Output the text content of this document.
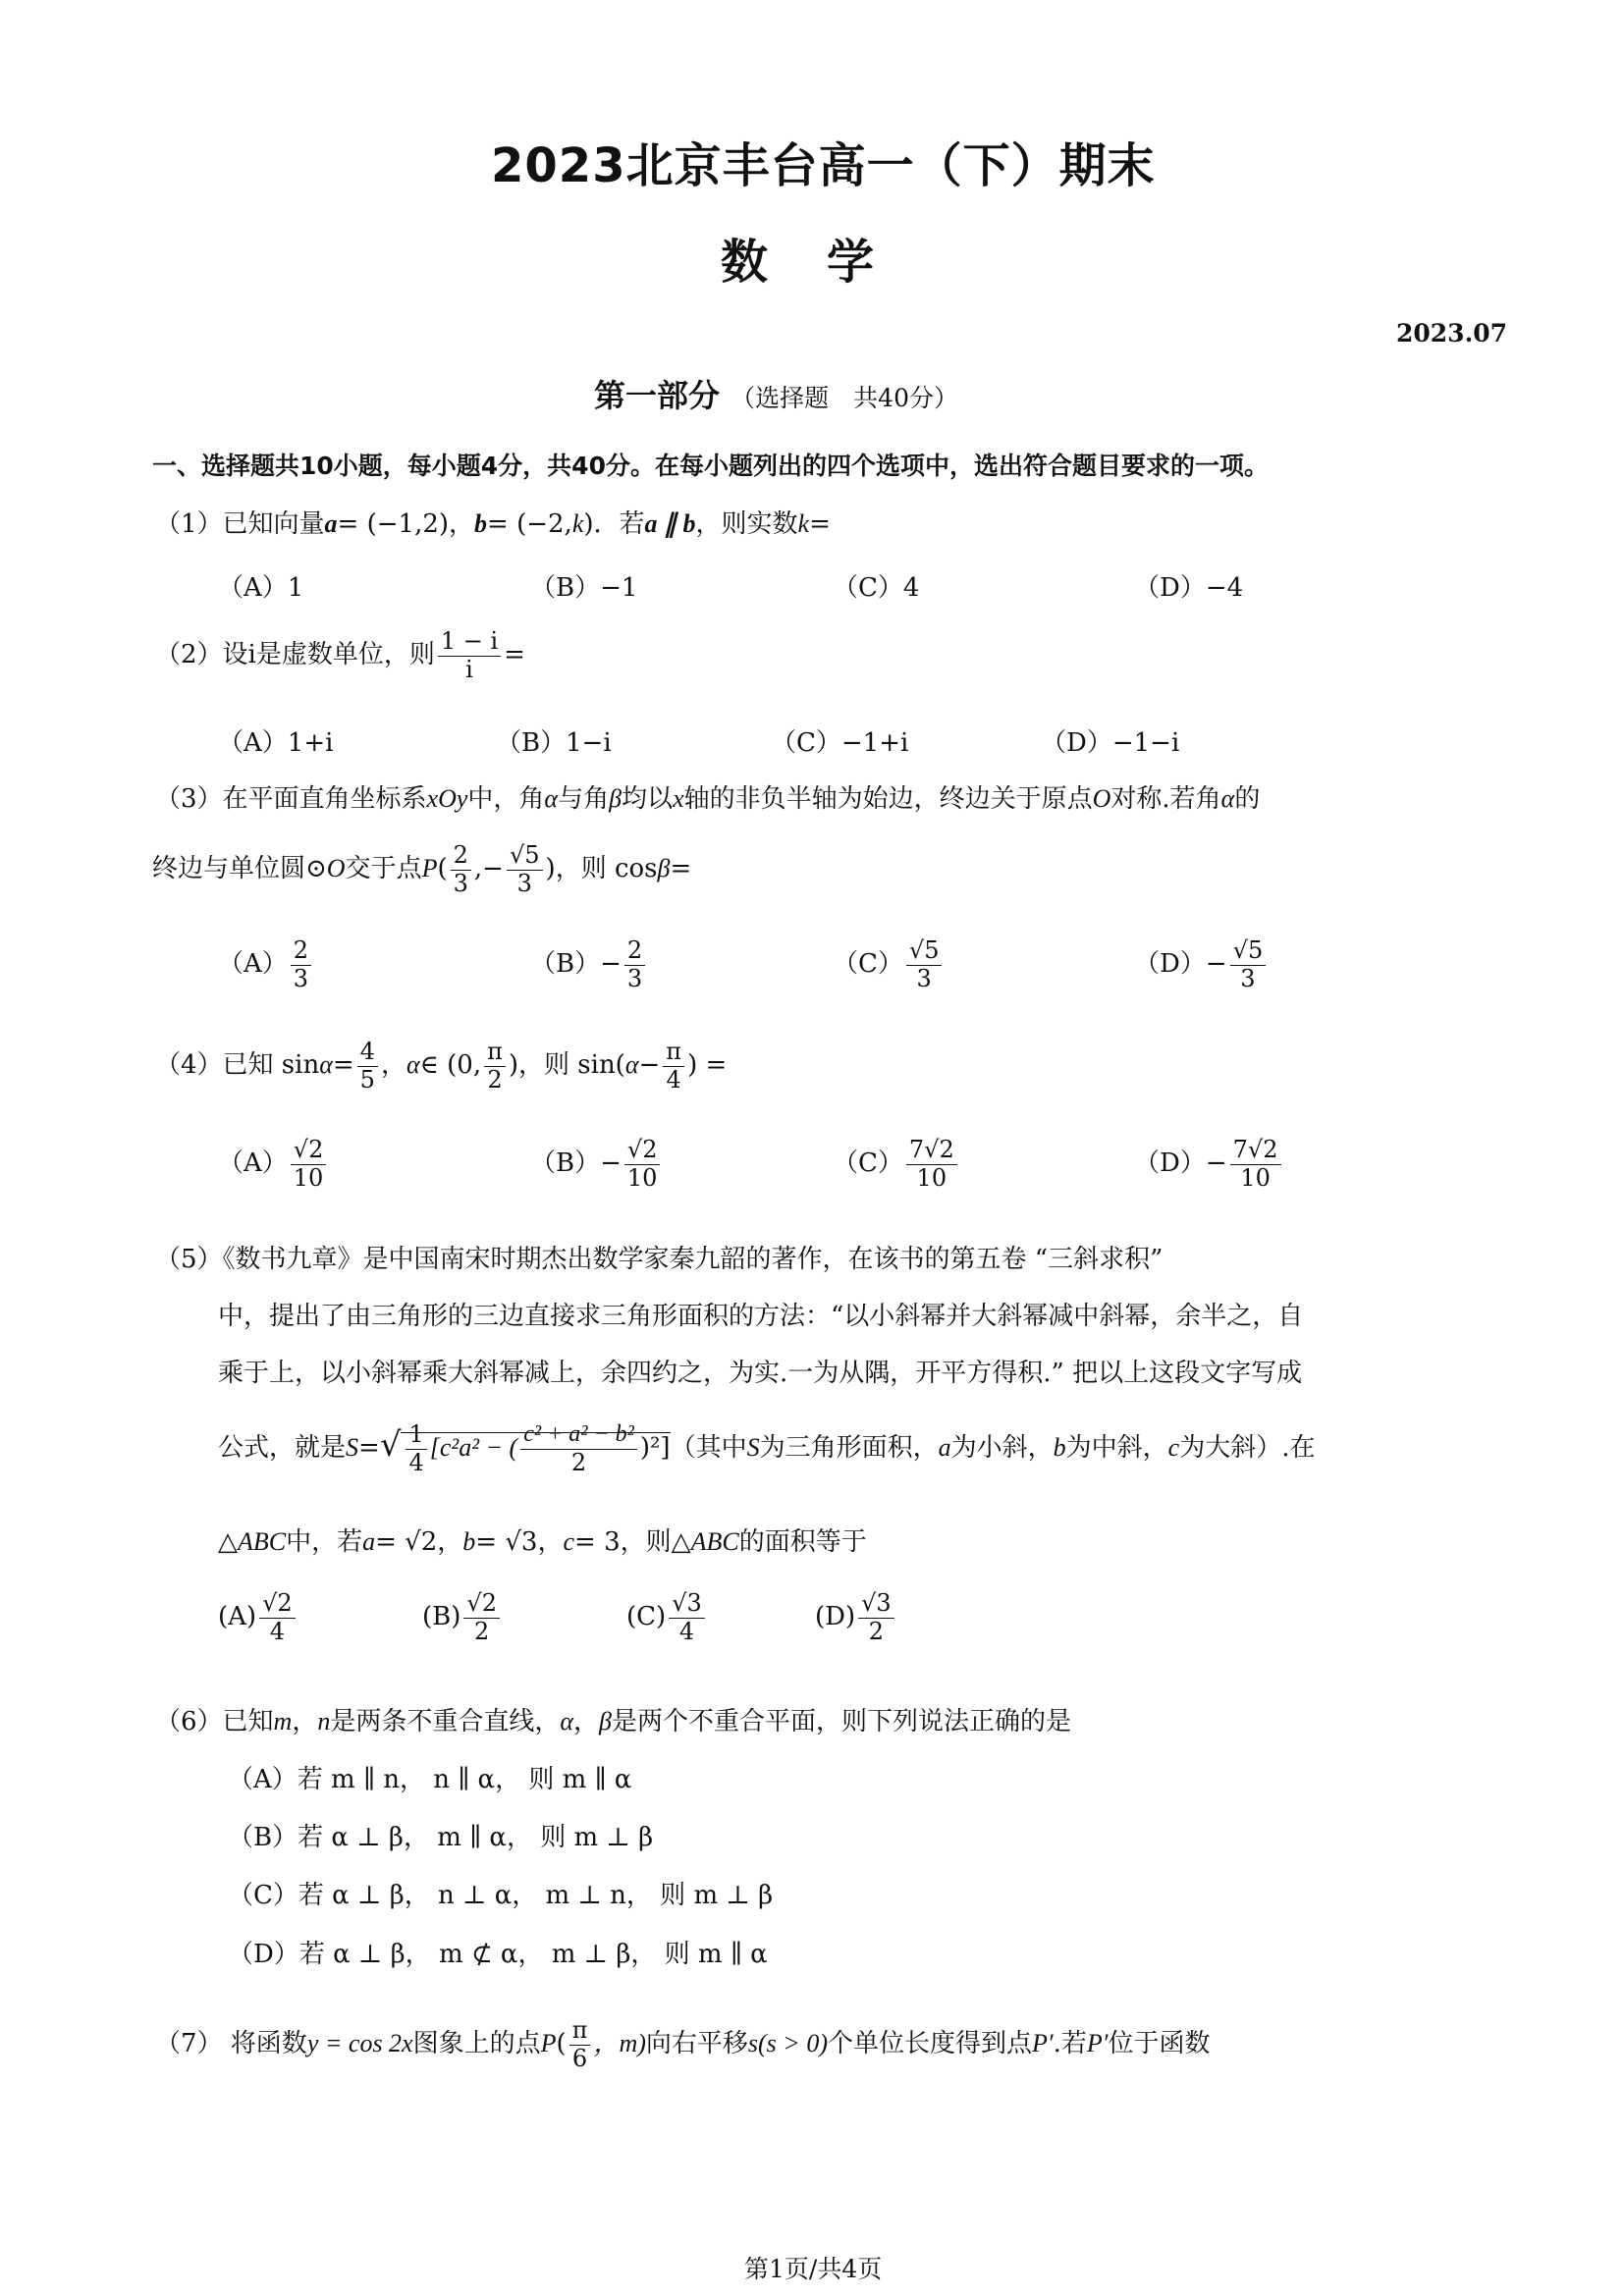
2023北京丰台高一（下）期末
数学
2023.07
第一部分 （选择题　共40分）
一、选择题共10小题，每小题4分，共40分。在每小题列出的四个选项中，选出符合题目要求的一项。
（1）已知向量a= (−1,2)，b= (−2,k)．若a ∥ b，则实数k=
（A）1	（B）−1	（C）4	（D）−4
（2）设i是虚数单位，则 $\frac{1 - i}{i}$ =
（A）1+i	（B）1−i	（C）−1+i	（D）−1−i
（3）在平面直角坐标系xOy中，角α与角β均以x轴的非负半轴为始边，终边关于原点O对称.若角α的
终边与单位圆⊙O交于点$P( \frac{2}{3}$ ,− $\frac{√5}{3}$ )，则 cosβ=
$(A) \frac{2}{3}$	$(B)- \frac{2}{3}$	$(C) \frac{√5}{3}$	$(D)- \frac{√5}{3}$
（4）已知 $\sin\alpha= \frac{4}{5}$ ，α∈ (0, $\frac{\pi}{2}$ )，则 $\sin(\alpha- \frac{\pi}{4}$ ) =
$(A) \frac{√2}{10}$	$(B)- \frac{√2}{10}$	$(C) \frac{7√2}{10}$	$(D)- \frac{7√2}{10}$
（5）《数书九章》是中国南宋时期杰出数学家秦九韶的著作，在该书的第五卷 “三斜求积”
中，提出了由三角形的三边直接求三角形面积的方法：“以小斜幂并大斜幂减中斜幂，余半之，自
乘于上，以小斜幂乘大斜幂减上，余四约之，为实.一为从隅，开平方得积.” 把以上这段文字写成
公式，就是$S=√ \frac{1}{4} [c^2a^2$ − ( $\frac{\text{c² + a² − b²}}{2} )^2$]（其中S为三角形面积，a为小斜，b为中斜，c为大斜）.在
△ABC中，若a= √2，b= √3，c= 3，则△ABC的面积等于
$(A) \frac{√2}{4}$	$(B) \frac{√2}{2}$	$(C) \frac{√3}{4}$	$(D) \frac{√3}{2}$
（6）已知m，n是两条不重合直线，α，β是两个不重合平面，则下列说法正确的是
（A）若 m ∥ n， n ∥ α， 则 m ∥ α
（B）若 α ⊥ β， m ∥ α， 则 m ⊥ β
（C）若 α ⊥ β， n ⊥ α， m ⊥ n， 则 m ⊥ β
（D）若 α ⊥ β， m ⊄ α， m ⊥ β， 则 m ∥ α
（7） 将函数y = cos 2x图象上的点$P( \frac{\pi}{6}$ ，m)向右平移s(s > 0)个单位长度得到点P′.若P′位于函数
第1页/共4页
